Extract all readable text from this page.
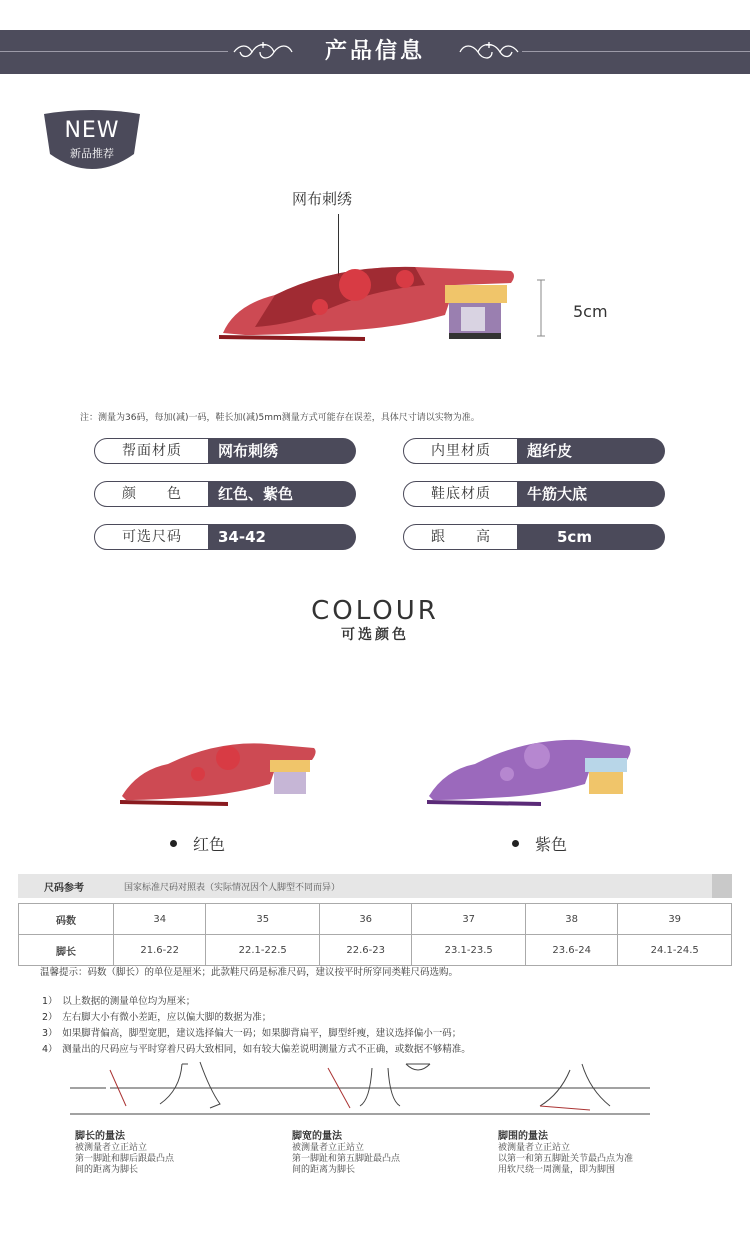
产品信息
NEW
新品推荐
网布刺绣
5cm
注：测量为36码，每加(减)一码，鞋长加(减)5mm测量方式可能存在误差，具体尺寸请以实物为准。
帮面材质	网布刺绣	内里材质	超纤皮
颜　　色	红色、紫色	鞋底材质	牛筋大底
可选尺码	34-42	跟　　高	5cm
COLOUR
可选颜色
红色	紫色
尺码参考	国家标准尺码对照表（实际情况因个人脚型不同而异）
码数	34	35	36	37	38	39
脚长	21.6-22	22.1-22.5	22.6-23	23.1-23.5	23.6-24	24.1-24.5
温馨提示：码数（脚长）的单位是厘米；此款鞋尺码是标准尺码，建议按平时所穿同类鞋尺码选购。
1）　以上数据的测量单位均为厘米；
2）　左右脚大小有微小差距，应以偏大脚的数据为准；
3）　如果脚背偏高，脚型宽肥，建议选择偏大一码；如果脚背扁平，脚型纤瘦，建议选择偏小一码；
4）　测量出的尺码应与平时穿着尺码大致相同，如有较大偏差说明测量方式不正确，或数据不够精准。
脚长的量法
被测量者立正站立
第一脚趾和脚后跟最凸点
间的距离为脚长
脚宽的量法
被测量者立正站立
第一脚趾和第五脚趾最凸点
间的距离为脚长
脚围的量法
被测量者立正站立
以第一和第五脚趾关节最凸点为准
用软尺绕一周测量，即为脚围
